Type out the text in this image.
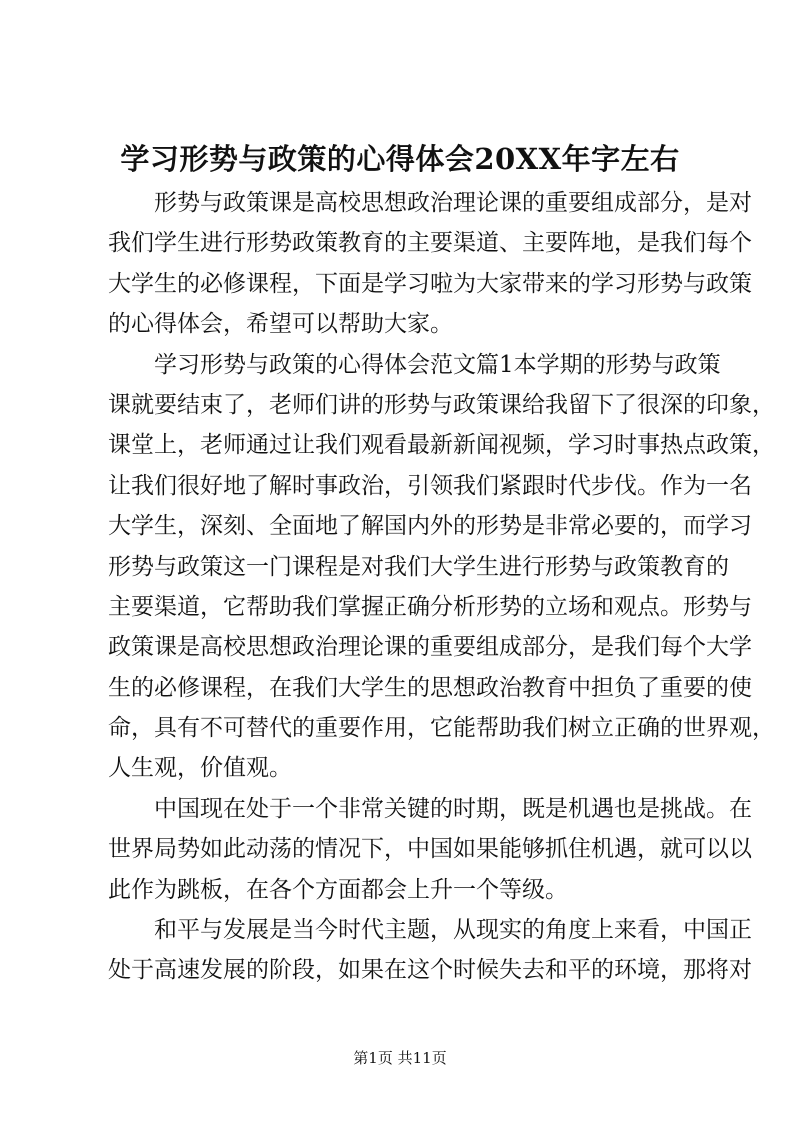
学习形势与政策的心得体会20XX年字左右

形势与政策课是高校思想政治理论课的重要组成部分，是对
我们学生进行形势政策教育的主要渠道、主要阵地，是我们每个
大学生的必修课程，下面是学习啦为大家带来的学习形势与政策
的心得体会，希望可以帮助大家。

学习形势与政策的心得体会范文篇1本学期的形势与政策
课就要结束了，老师们讲的形势与政策课给我留下了很深的印象，
课堂上，老师通过让我们观看最新新闻视频，学习时事热点政策，
让我们很好地了解时事政治，引领我们紧跟时代步伐。作为一名
大学生，深刻、全面地了解国内外的形势是非常必要的，而学习
形势与政策这一门课程是对我们大学生进行形势与政策教育的
主要渠道，它帮助我们掌握正确分析形势的立场和观点。形势与
政策课是高校思想政治理论课的重要组成部分，是我们每个大学
生的必修课程，在我们大学生的思想政治教育中担负了重要的使
命，具有不可替代的重要作用，它能帮助我们树立正确的世界观，
人生观，价值观。

中国现在处于一个非常关键的时期，既是机遇也是挑战。在
世界局势如此动荡的情况下，中国如果能够抓住机遇，就可以以
此作为跳板，在各个方面都会上升一个等级。

和平与发展是当今时代主题，从现实的角度上来看，中国正
处于高速发展的阶段，如果在这个时候失去和平的环境，那将对

第1页 共11页
